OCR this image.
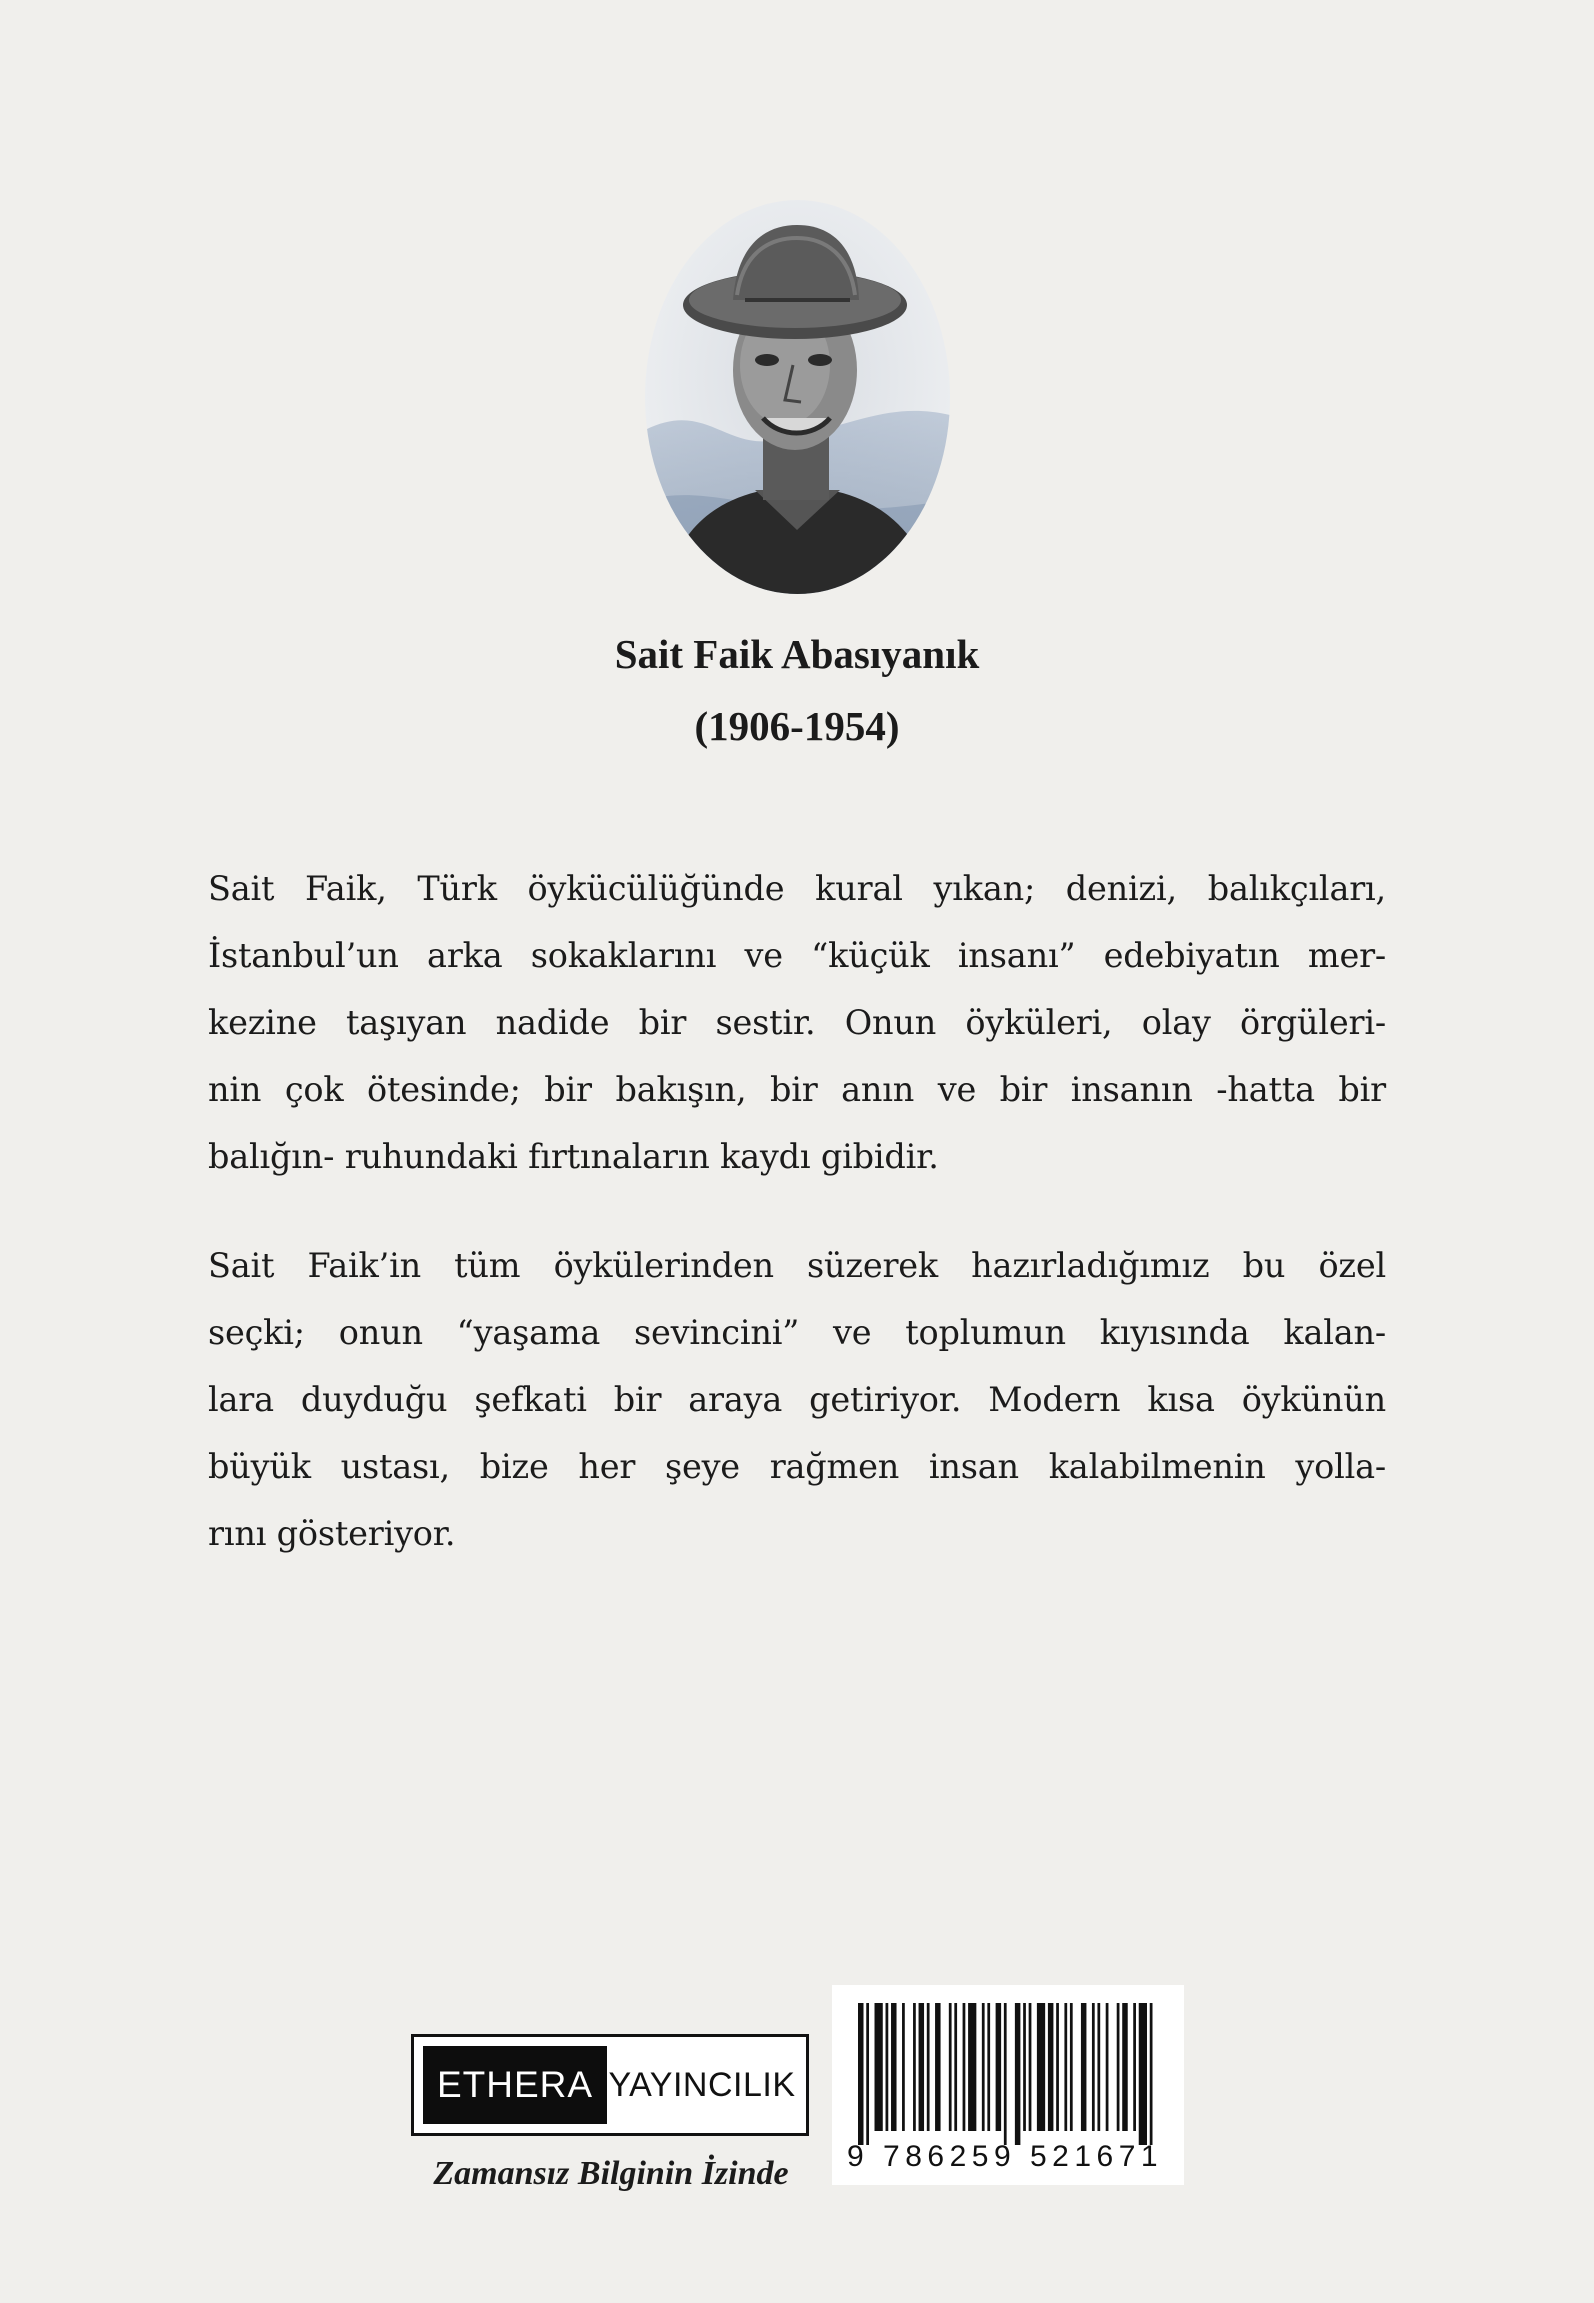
Sait Faik Abasıyanık
(1906-1954)
Sait Faik, Türk öykücülüğünde kural yıkan; denizi, balıkçıları,
İstanbul’un arka sokaklarını ve “küçük insanı” edebiyatın mer-
kezine taşıyan nadide bir sestir. Onun öyküleri, olay örgüleri-
nin çok ötesinde; bir bakışın, bir anın ve bir insanın -hatta bir
balığın- ruhundaki fırtınaların kaydı gibidir.
Sait Faik’in tüm öykülerinden süzerek hazırladığımız bu özel
seçki; onun “yaşama sevincini” ve toplumun kıyısında kalan-
lara duyduğu şefkati bir araya getiriyor. Modern kısa öykünün
büyük ustası, bize her şeye rağmen insan kalabilmenin yolla-
rını gösteriyor.
ETHERA YAYINCILIK
Zamansız Bilginin İzinde	9 786259 521671
